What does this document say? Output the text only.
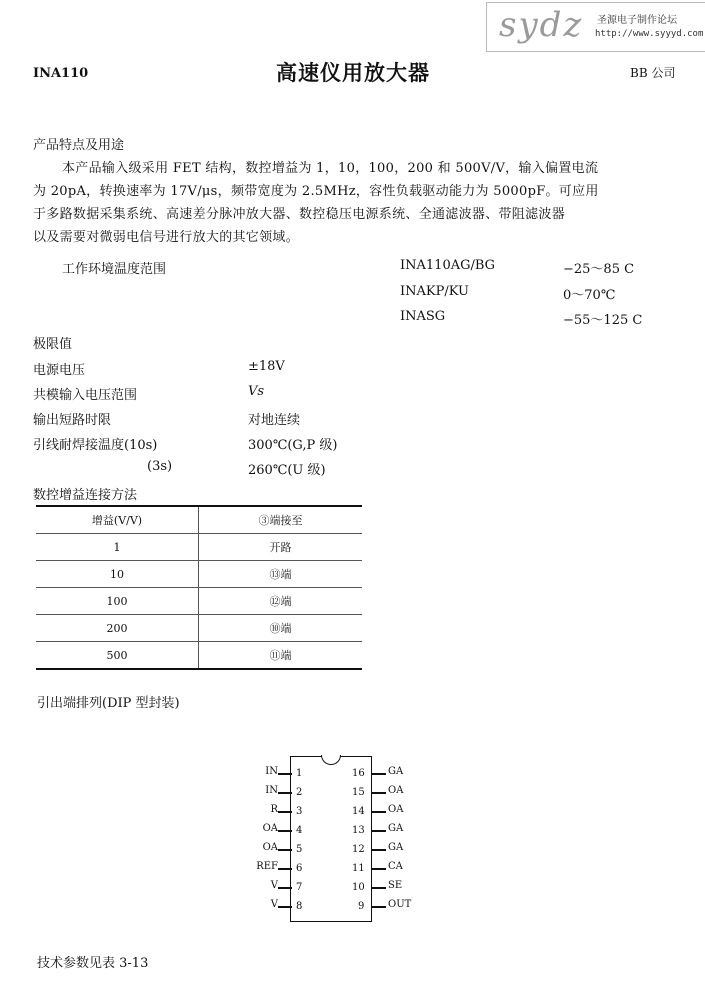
sydz 圣源电子制作论坛
http://www.syyyd.com
INA110	高速仪用放大器	BB 公司
产品特点及用途
本产品输入级采用 FET 结构，数控增益为 1，10，100，200 和 500V/V，输入偏置电流
为 20pA，转换速率为 17V/μs，频带宽度为 2.5MHz，容性负载驱动能力为 5000pF。可应用
于多路数据采集系统、高速差分脉冲放大器、数控稳压电源系统、全通滤波器、带阻滤波器
以及需要对微弱电信号进行放大的其它领域。
工作环境温度范围	INA110AG/BG	−25～85 C
INAKP/KU	0～70℃
INASG	−55～125 C
极限值
电源电压	±18V
共模输入电压范围	Vs
输出短路时限	对地连续
引线耐焊接温度(10s)	300℃(G,P 级)
(3s)	260℃(U 级)
数控增益连接方法
增益(V/V)	③端接至
1	开路
10	⑬端
100	⑫端
200	⑩端
500	⑪端
引出端排列(DIP 型封装)
IN 1
IN 2
R 3
OA 4
OA 5
REF 6
V 7
V 8
16 GA
15 OA
14 OA
13 GA
12 GA
11 CA
10 SE
9 OUT
技术参数见表 3-13
